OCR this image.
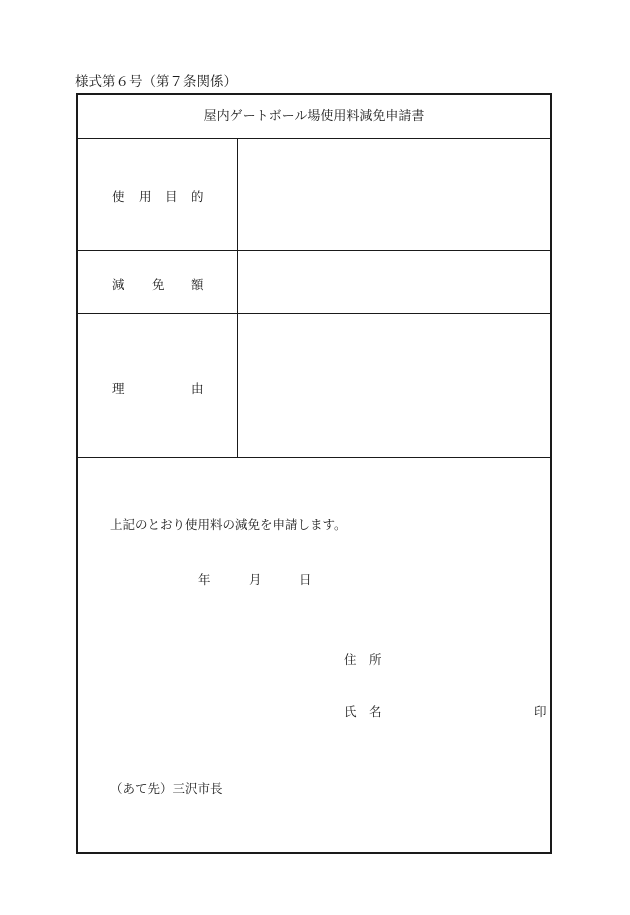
様式第６号（第７条関係）
屋内ゲートボール場使用料減免申請書
使 用 目 的
減 免 額
理	由
上記のとおり使用料の減免を申請します。
年	月	日
住 所
氏 名	印
（あて先）三沢市長
